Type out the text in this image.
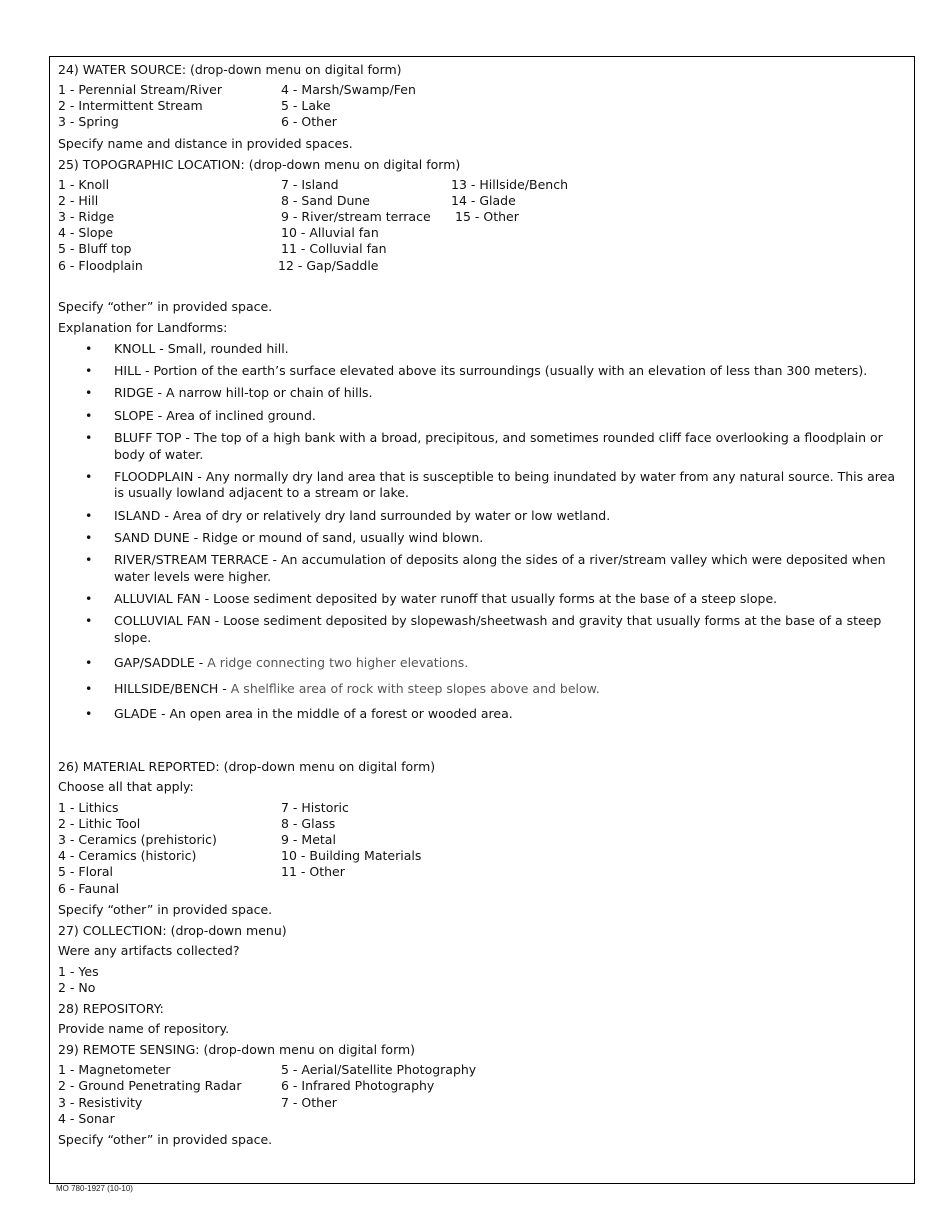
24) WATER SOURCE: (drop-down menu on digital form)
1 - Perennial Stream/River	4 - Marsh/Swamp/Fen
2 - Intermittent Stream	5 - Lake
3 - Spring	6 - Other
Specify name and distance in provided spaces.
25) TOPOGRAPHIC LOCATION: (drop-down menu on digital form)
1 - Knoll	7 - Island	13 - Hillside/Bench
2 - Hill	8 - Sand Dune	14 - Glade
3 - Ridge	9 - River/stream terrace	15 - Other
4 - Slope	10 - Alluvial fan
5 - Bluff top	11 - Colluvial fan
6 - Floodplain	12 - Gap/Saddle
Specify “other” in provided space.
Explanation for Landforms:
• KNOLL - Small, rounded hill.
• HILL - Portion of the earth’s surface elevated above its surroundings (usually with an elevation of less than 300 meters).
• RIDGE - A narrow hill-top or chain of hills.
• SLOPE - Area of inclined ground.
• BLUFF TOP - The top of a high bank with a broad, precipitous, and sometimes rounded cliff face overlooking a floodplain or body of water.
• FLOODPLAIN - Any normally dry land area that is susceptible to being inundated by water from any natural source. This area is usually lowland adjacent to a stream or lake.
• ISLAND - Area of dry or relatively dry land surrounded by water or low wetland.
• SAND DUNE - Ridge or mound of sand, usually wind blown.
• RIVER/STREAM TERRACE - An accumulation of deposits along the sides of a river/stream valley which were deposited when water levels were higher.
• ALLUVIAL FAN - Loose sediment deposited by water runoff that usually forms at the base of a steep slope.
• COLLUVIAL FAN - Loose sediment deposited by slopewash/sheetwash and gravity that usually forms at the base of a steep slope.
• GAP/SADDLE - A ridge connecting two higher elevations.
• HILLSIDE/BENCH - A shelflike area of rock with steep slopes above and below.
• GLADE - An open area in the middle of a forest or wooded area.
26) MATERIAL REPORTED: (drop-down menu on digital form)
Choose all that apply:
1 - Lithics	7 - Historic
2 - Lithic Tool	8 - Glass
3 - Ceramics (prehistoric)	9 - Metal
4 - Ceramics (historic)	10 - Building Materials
5 - Floral	11 - Other
6 - Faunal
Specify “other” in provided space.
27) COLLECTION: (drop-down menu)
Were any artifacts collected?
1 - Yes
2 - No
28) REPOSITORY:
Provide name of repository.
29) REMOTE SENSING: (drop-down menu on digital form)
1 - Magnetometer	5 - Aerial/Satellite Photography
2 - Ground Penetrating Radar	6 - Infrared Photography
3 - Resistivity	7 - Other
4 - Sonar
Specify “other” in provided space.
MO 780-1927 (10-10)
